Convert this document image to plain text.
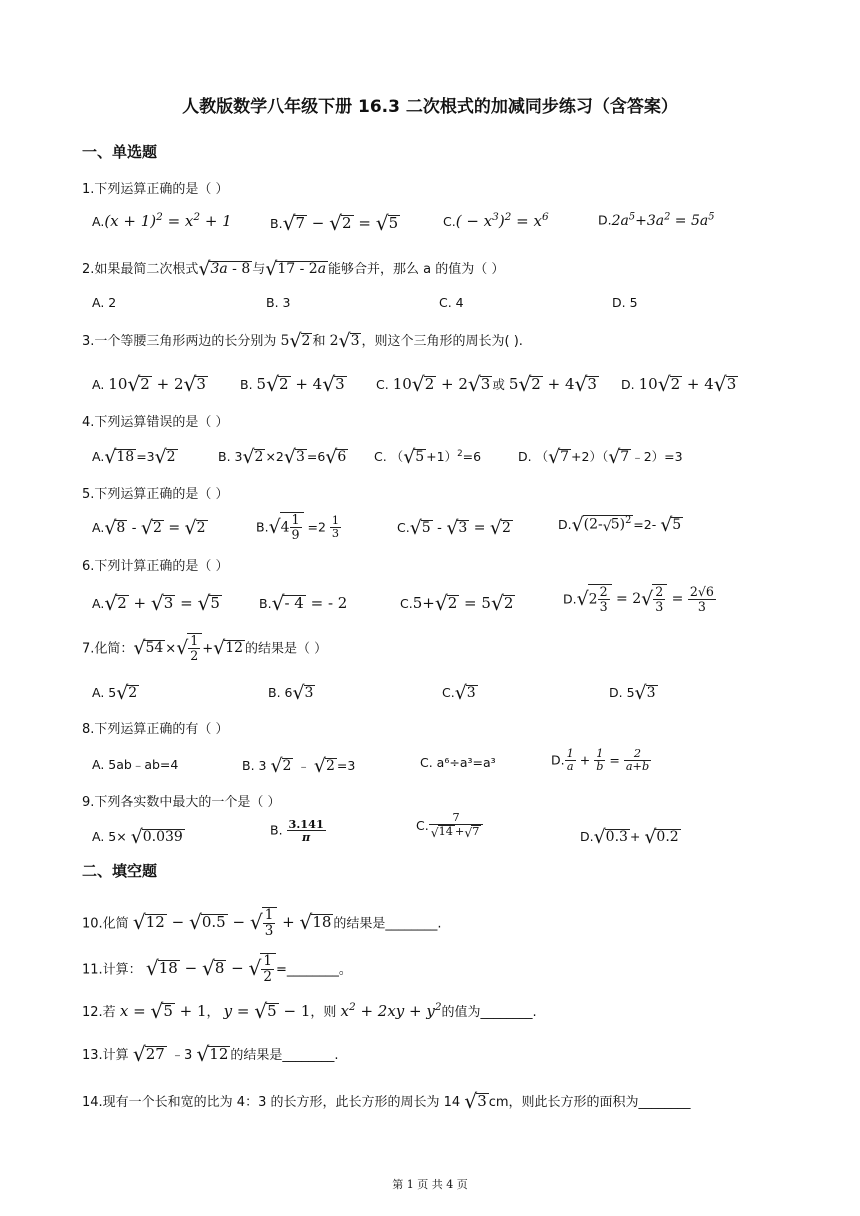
人教版数学八年级下册 16.3 二次根式的加减同步练习（含答案）
一、单选题
1.下列运算正确的是（ ）
$A.(x + 1)^2 = x^2 + 1$	B.√7 − √2 = √5	$C.( - x^3)^2 = x^6$	$D.2a^5+3a^2 = 5a^5$
2.如果最简二次根式√3a - 8 与√17 - 2a 能够合并，那么 a 的值为（ ）
A. 2	B. 3	C. 4	D. 5
3.一个等腰三角形两边的长分别为 5√2 和 2√3 ，则这个三角形的周长为( ).
A. 10√2 + 2√3	B. 5√2 + 4√3	C. 10√2 + 2√3 或 5√2 + 4√3 D. 10√2 + 4√3
4.下列运算错误的是（ ）
A.√18 =3√2	B. 3√2 ×2√3 =6√6 C. $(√5 +1)^2=6$	D. （√7 +2）（√7 ﹣2）=3
5.下列运算正确的是（ ）
A.√8 - √2 = √2	$B.√4 \frac{1}{9} =2 \frac{1}{3}$	C.√5 - √3 = √2	$D.√(2-√5)^2 =2-$ √5
6.下列计算正确的是（ ）
A.√2 + √3 = √5	B.√- 4 = - 2	C.5+√2 = 5√2	$D.√2 \frac{2}{3} = 2√ \frac{2}{3} = \frac{2√6}{3}$
7.化简：√54 ×√ $\frac{1}{2} +√12$ 的结果是（ ）
A. 5√2	B. 6√3	C.√3	D. 5√3
8.下列运算正确的有（ ）
A. 5ab﹣ab=4	B. 3 √2 ﹣ √2 =3	C. a⁶÷a³=a³	D. $\frac{1}{a} + \frac{1}{b} = \frac{2}{a+b}$
9.下列各实数中最大的一个是（ ）
A. 5× √0.039	B. $\frac{3.141}{\pi}$	C. $\frac{7}{√14 +√7}$	D.√0.3 + √0.2
二、填空题
10.化简 √12 − √0.5 − √ $\frac{1}{3} + √18$ 的结果是________.
11.计算： √18 − √8 − √ $\frac{1}{2}$ =________。
12.若 x = √5 + 1， y = √5 − 1，则 $x^2 + 2xy + y^2$的值为________.
13.计算 √27 ﹣3 √12 的结果是________.
14.现有一个长和宽的比为 4：3 的长方形，此长方形的周长为 14 √3 cm，则此长方形的面积为________
第 1 页 共 4 页
